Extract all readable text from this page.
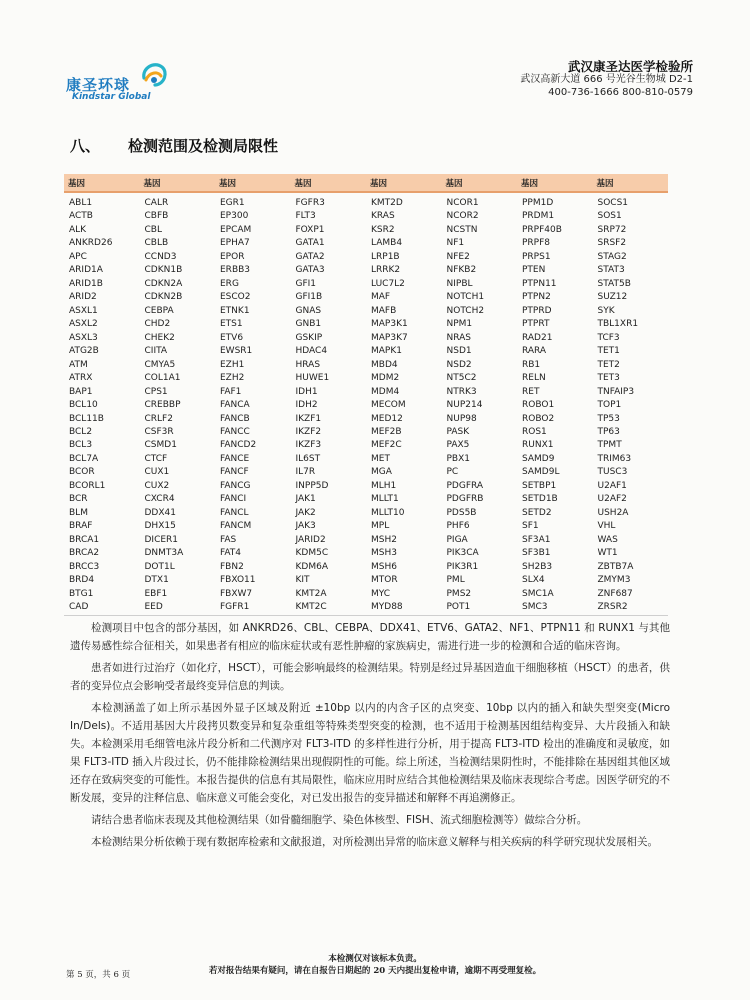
康圣环球
Kindstar Global
武汉康圣达医学检验所
武汉高新大道 666 号光谷生物城 D2-1
400-736-1666 800-810-0579
八、 检测范围及检测局限性
基因	基因	基因	基因	基因	基因	基因	基因

ABL1	CALR	EGR1	FGFR3	KMT2D	NCOR1	PPM1D	SOCS1
ACTB	CBFB	EP300	FLT3	KRAS	NCOR2	PRDM1	SOS1
ALK	CBL	EPCAM	FOXP1	KSR2	NCSTN	PRPF40B	SRP72
ANKRD26	CBLB	EPHA7	GATA1	LAMB4	NF1	PRPF8	SRSF2
APC	CCND3	EPOR	GATA2	LRP1B	NFE2	PRPS1	STAG2
ARID1A	CDKN1B	ERBB3	GATA3	LRRK2	NFKB2	PTEN	STAT3
ARID1B	CDKN2A	ERG	GFI1	LUC7L2	NIPBL	PTPN11	STAT5B
ARID2	CDKN2B	ESCO2	GFI1B	MAF	NOTCH1	PTPN2	SUZ12
ASXL1	CEBPA	ETNK1	GNAS	MAFB	NOTCH2	PTPRD	SYK
ASXL2	CHD2	ETS1	GNB1	MAP3K1	NPM1	PTPRT	TBL1XR1
ASXL3	CHEK2	ETV6	GSKIP	MAP3K7	NRAS	RAD21	TCF3
ATG2B	CIITA	EWSR1	HDAC4	MAPK1	NSD1	RARA	TET1
ATM	CMYA5	EZH1	HRAS	MBD4	NSD2	RB1	TET2
ATRX	COL1A1	EZH2	HUWE1	MDM2	NT5C2	RELN	TET3
BAP1	CPS1	FAF1	IDH1	MDM4	NTRK3	RET	TNFAIP3
BCL10	CREBBP	FANCA	IDH2	MECOM	NUP214	ROBO1	TOP1
BCL11B	CRLF2	FANCB	IKZF1	MED12	NUP98	ROBO2	TP53
BCL2	CSF3R	FANCC	IKZF2	MEF2B	PASK	ROS1	TP63
BCL3	CSMD1	FANCD2	IKZF3	MEF2C	PAX5	RUNX1	TPMT
BCL7A	CTCF	FANCE	IL6ST	MET	PBX1	SAMD9	TRIM63
BCOR	CUX1	FANCF	IL7R	MGA	PC	SAMD9L	TUSC3
BCORL1	CUX2	FANCG	INPP5D	MLH1	PDGFRA	SETBP1	U2AF1
BCR	CXCR4	FANCI	JAK1	MLLT1	PDGFRB	SETD1B	U2AF2
BLM	DDX41	FANCL	JAK2	MLLT10	PDS5B	SETD2	USH2A
BRAF	DHX15	FANCM	JAK3	MPL	PHF6	SF1	VHL
BRCA1	DICER1	FAS	JARID2	MSH2	PIGA	SF3A1	WAS
BRCA2	DNMT3A	FAT4	KDM5C	MSH3	PIK3CA	SF3B1	WT1
BRCC3	DOT1L	FBN2	KDM6A	MSH6	PIK3R1	SH2B3	ZBTB7A
BRD4	DTX1	FBXO11	KIT	MTOR	PML	SLX4	ZMYM3
BTG1	EBF1	FBXW7	KMT2A	MYC	PMS2	SMC1A	ZNF687
CAD	EED	FGFR1	KMT2C	MYD88	POT1	SMC3	ZRSR2

检测项目中包含的部分基因，如 ANKRD26、CBL、CEBPA、DDX41、ETV6、GATA2、NF1、PTPN11 和 RUNX1 与其他遗传易感性综合征相关，如果患者有相应的临床症状或有恶性肿瘤的家族病史，需进行进一步的检测和合适的临床咨询。

患者如进行过治疗（如化疗，HSCT），可能会影响最终的检测结果。特别是经过异基因造血干细胞移植（HSCT）的患者，供者的变异位点会影响受者最终变异信息的判读。

本检测涵盖了如上所示基因外显子区域及附近 ±10bp 以内的内含子区的点突变、10bp 以内的插入和缺失型突变(Micro In/Dels)。不适用基因大片段拷贝数变异和复杂重组等特殊类型突变的检测，也不适用于检测基因组结构变异、大片段插入和缺失。本检测采用毛细管电泳片段分析和二代测序对 FLT3-ITD 的多样性进行分析，用于提高 FLT3-ITD 检出的准确度和灵敏度，如果 FLT3-ITD 插入片段过长，仍不能排除检测结果出现假阴性的可能。综上所述，当检测结果阴性时，不能排除在基因组其他区域还存在致病突变的可能性。本报告提供的信息有其局限性，临床应用时应结合其他检测结果及临床表现综合考虑。因医学研究的不断发展，变异的注释信息、临床意义可能会变化，对已发出报告的变异描述和解释不再追溯修正。

请结合患者临床表现及其他检测结果（如骨髓细胞学、染色体核型、FISH、流式细胞检测等）做综合分析。

本检测结果分析依赖于现有数据库检索和文献报道，对所检测出异常的临床意义解释与相关疾病的科学研究现状发展相关。

本检测仅对该标本负责。
若对报告结果有疑问，请在自报告日期起的 20 天内提出复检申请，逾期不再受理复检。
第 5 页，共 6 页
